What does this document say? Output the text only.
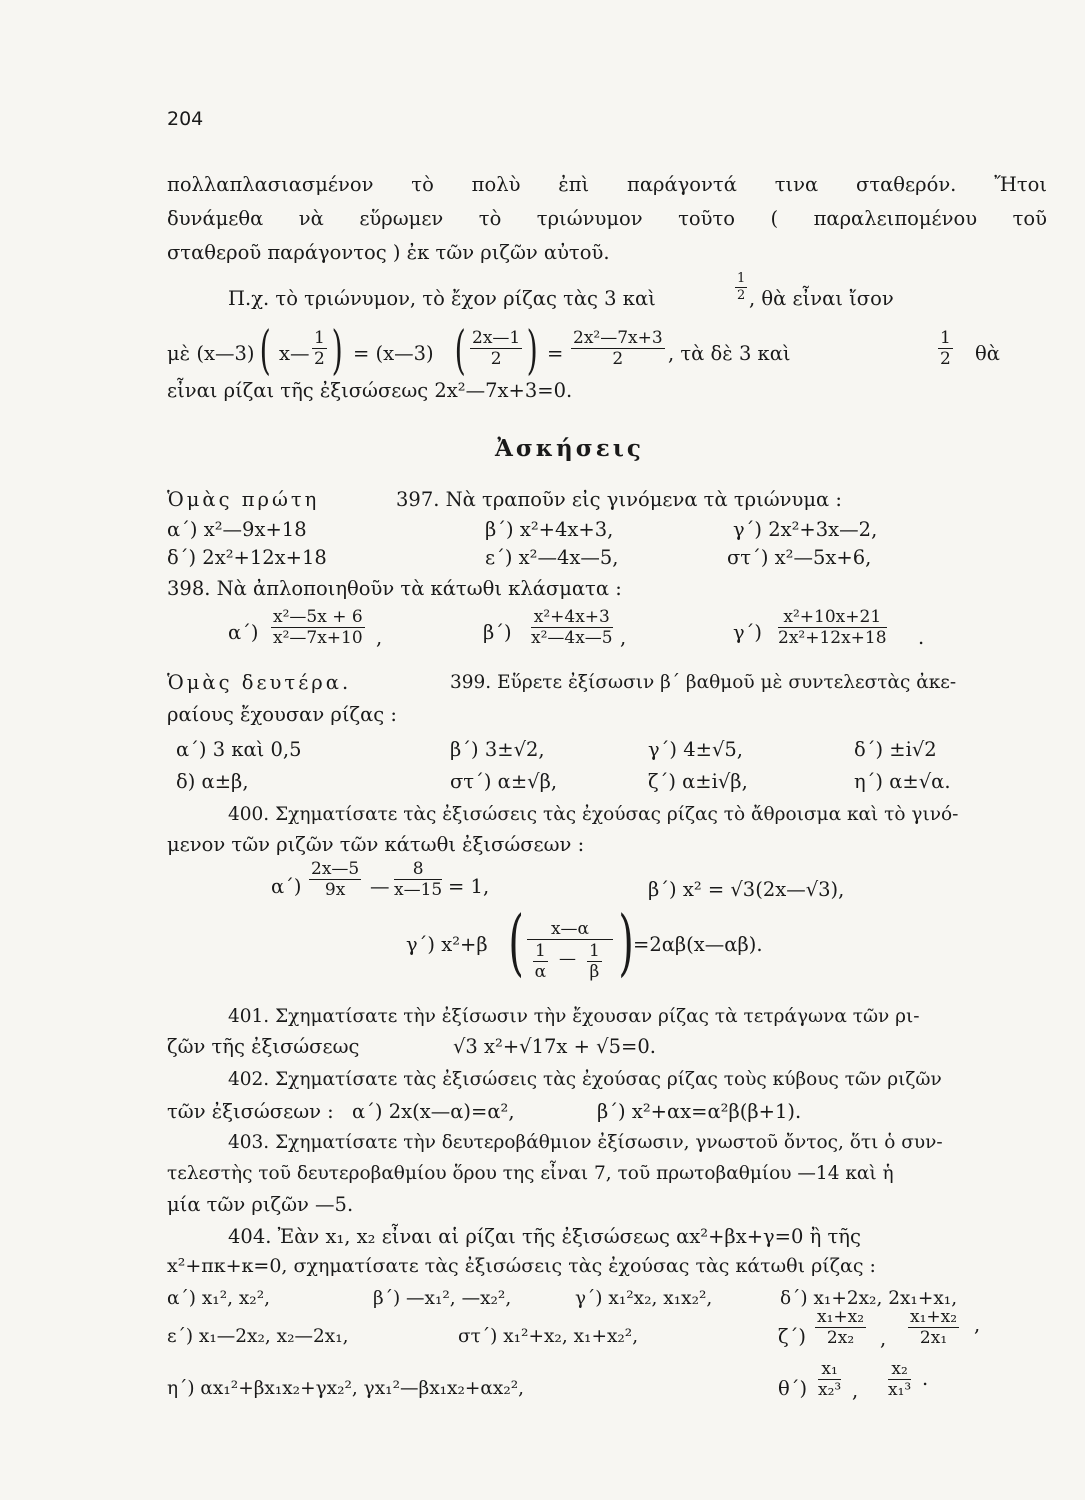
204
πολλαπλασιασμένον τὸ πολὺ ἐπὶ παράγοντά τινα σταθερόν. Ἤτοι
δυνάμεθα νὰ εὕρωμεν τὸ τριώνυμον τοῦτο ( παραλειπομένου τοῦ
σταθεροῦ παράγοντος ) ἐκ τῶν ριζῶν αὐτοῦ.
Π.χ. τὸ τριώνυμον, τὸ ἔχον ρίζας τὰς 3 καὶ	$\frac{1}{2}$ , θὰ εἶναι ἴσον
μὲ (x—3) ( x— $\frac{1}{2}$ ) = (x—3) ( $\frac{2x—1}{2}$ ) = $\frac{\text{2x²—7x+3}}{2}$ , τὰ δὲ 3 καὶ	$\frac{1}{2}$ θὰ
εἶναι ρίζαι τῆς ἐξισώσεως 2x²—7x+3=0.
Ἀσκήσεις
Ὁμὰς πρώτη	397. Νὰ τραποῦν εἰς γινόμενα τὰ τριώνυμα :
α΄) x²—9x+18	β΄) x²+4x+3,	γ΄) 2x²+3x—2,
δ΄) 2x²+12x+18	ε΄) x²—4x—5,	στ΄) x²—5x+6,
398. Νὰ ἀπλοποιηθοῦν τὰ κάτωθι κλάσματα :
$\alpha΄) \frac{\text{x²—5x + 6}}{\text{x²—7x+10}}$ ,	$\beta΄) \frac{\text{x²+4x+3}}{\text{x²—4x—5}}$ ,	$\gamma΄) \frac{\text{x²+10x+21}}{\text{2x²+12x+18}}$ .
Ὁμὰς δευτέρα.	399. Εὕρετε ἐξίσωσιν β΄ βαθμοῦ μὲ συντελεστὰς ἀκε-
ραίους ἔχουσαν ρίζας :
α΄) 3 καὶ 0,5	β΄) 3±√2,	γ΄) 4±√5,	δ΄) ±i√2
δ) α±β,	στ΄) α±√β,	ζ΄) α±i√β,	η΄) α±√α.
400. Σχηματίσατε τὰς ἐξισώσεις τὰς ἐχούσας ρίζας τὸ ἄθροισμα καὶ τὸ γινό-
μενον τῶν ριζῶν τῶν κάτωθι ἐξισώσεων :
$\alpha΄) \frac{2x—5}{9x}$ — $\frac{8}{x—15} = 1$,	β΄) x² = √3(2x—√3),
γ΄) x²+β ( $\frac{x—\alpha}{\frac{1}{\alpha} — \frac{1}{\beta}}$ ) =2αβ(x—αβ).
401. Σχηματίσατε τὴν ἐξίσωσιν τὴν ἔχουσαν ρίζας τὰ τετράγωνα τῶν ρι-
ζῶν τῆς ἐξισώσεως	√3 x²+√17x + √5=0.
402. Σχηματίσατε τὰς ἐξισώσεις τὰς ἐχούσας ρίζας τοὺς κύβους τῶν ριζῶν
τῶν ἐξισώσεων : α΄) 2x(x—α)=α²,	β΄) x²+αx=α²β(β+1).
403. Σχηματίσατε τὴν δευτεροβάθμιον ἐξίσωσιν, γνωστοῦ ὄντος, ὅτι ὁ συν-
τελεστὴς τοῦ δευτεροβαθμίου ὅρου της εἶναι 7, τοῦ πρωτοβαθμίου —14 καὶ ἡ
μία τῶν ριζῶν —5.
404. Ἐὰν x₁, x₂ εἶναι αἱ ρίζαι τῆς ἐξισώσεως αx²+βx+γ=0 ἢ τῆς
x²+πκ+κ=0, σχηματίσατε τὰς ἐξισώσεις τὰς ἐχούσας τὰς κάτωθι ρίζας :
α΄) x₁², x₂²,	β΄) —x₁², —x₂²,	γ΄) x₁²x₂, x₁x₂²,	δ΄) x₁+2x₂, 2x₁+x₁,
ε΄) x₁—2x₂, x₂—2x₁,	στ΄) x₁²+x₂, x₁+x₂²,	$\zeta΄) \frac{\text{x₁+x₂}}{\text{2x₂}}$ , $\frac{\text{x₁+x₂}}{\text{2x₁}}$ ,
η΄) αx₁²+βx₁x₂+γx₂², γx₁²—βx₁x₂+αx₂²,	$\theta΄) \frac{\text{x₁}}{\text{x₂³}}$ , $\frac{\text{x₂}}{\text{x₁³}}$ .
